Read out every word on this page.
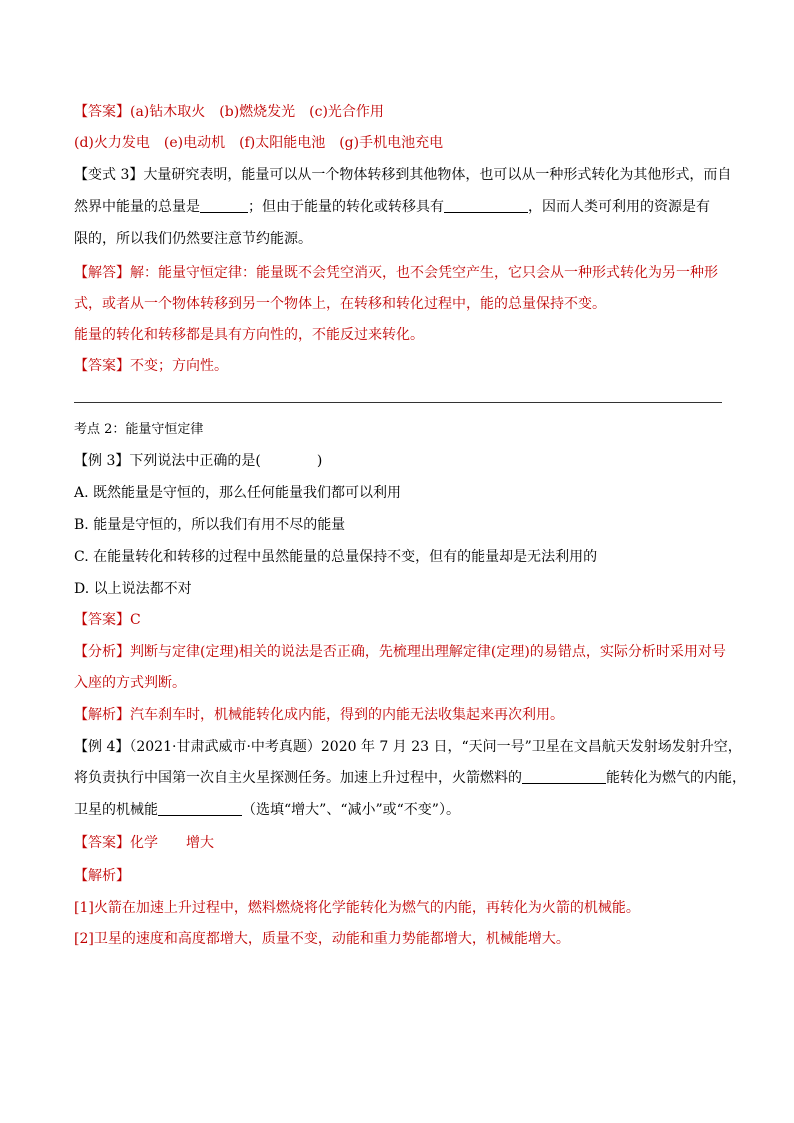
【答案】(a)钻木取火　(b)燃烧发光　(c)光合作用
(d)火力发电　(e)电动机　(f)太阳能电池　(g)手机电池充电
【变式 3】大量研究表明，能量可以从一个物体转移到其他物体，也可以从一种形式转化为其他形式，而自
然界中能量的总量是	；但由于能量的转化或转移具有	，因而人类可利用的资源是有
限的，所以我们仍然要注意节约能源。
【解答】解：能量守恒定律：能量既不会凭空消灭，也不会凭空产生，它只会从一种形式转化为另一种形
式，或者从一个物体转移到另一个物体上，在转移和转化过程中，能的总量保持不变。
能量的转化和转移都是具有方向性的，不能反过来转化。
【答案】不变；方向性。
考点 2：能量守恒定律
【例 3】下列说法中正确的是(	)
A. 既然能量是守恒的，那么任何能量我们都可以利用
B. 能量是守恒的，所以我们有用不尽的能量
C. 在能量转化和转移的过程中虽然能量的总量保持不变，但有的能量却是无法利用的
D. 以上说法都不对
【答案】C
【分析】判断与定律(定理)相关的说法是否正确，先梳理出理解定律(定理)的易错点，实际分析时采用对号
入座的方式判断。
【解析】汽车刹车时，机械能转化成内能，得到的内能无法收集起来再次利用。
【例 4】（2021·甘肃武威市·中考真题）2020 年 7 月 23 日，“天问一号”卫星在文昌航天发射场发射升空，
将负责执行中国第一次自主火星探测任务。加速上升过程中，火箭燃料的	能转化为燃气的内能，
卫星的机械能	（选填“增大”、“减小”或“不变”）。
【答案】化学 增大
【解析】
[1]火箭在加速上升过程中，燃料燃烧将化学能转化为燃气的内能，再转化为火箭的机械能。
[2]卫星的速度和高度都增大，质量不变，动能和重力势能都增大，机械能增大。
